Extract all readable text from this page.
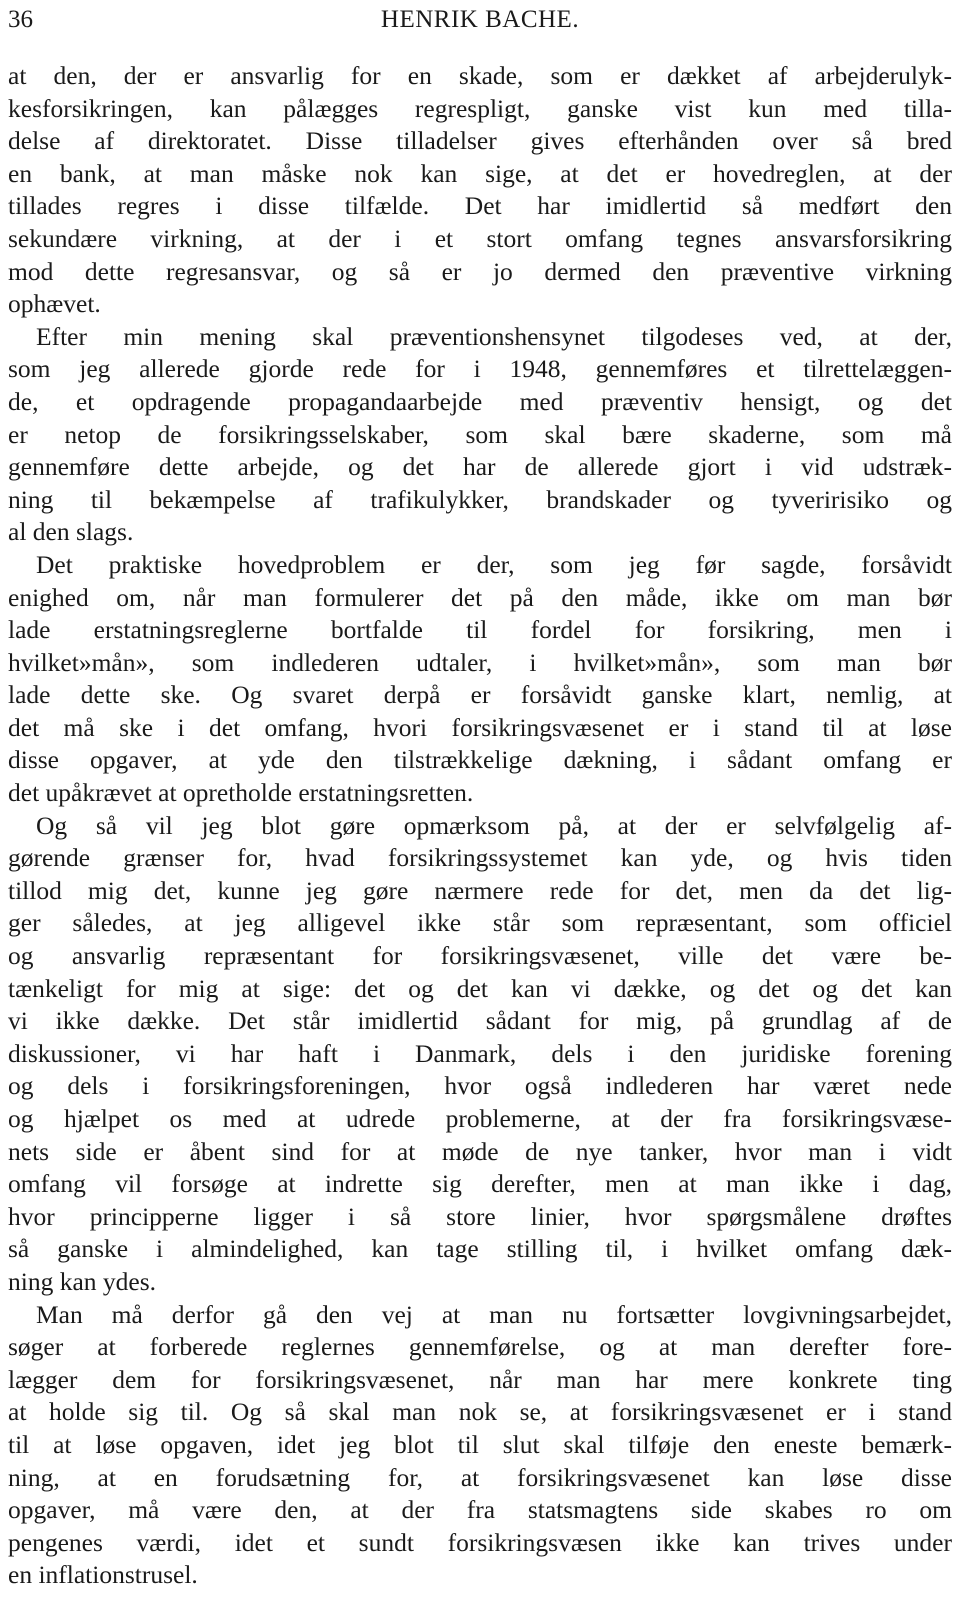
36	HENRIK BACHE.

at den, der er ansvarlig for en skade, som er dækket af arbejderulyk-
kesforsikringen, kan pålægges regrespligt, ganske vist kun med tilla-
delse af direktoratet. Disse tilladelser gives efterhånden over så bred
en bank, at man måske nok kan sige, at det er hovedreglen, at der
tillades regres i disse tilfælde. Det har imidlertid så medført den
sekundære virkning, at der i et stort omfang tegnes ansvarsforsikring
mod dette regresansvar, og så er jo dermed den præventive virkning
ophævet.

Efter min mening skal præventionshensynet tilgodeses ved, at der,
som jeg allerede gjorde rede for i 1948, gennemføres et tilrettelæggen-
de, et opdragende propagandaarbejde med præventiv hensigt, og det
er netop de forsikringsselskaber, som skal bære skaderne, som må
gennemføre dette arbejde, og det har de allerede gjort i vid udstræk-
ning til bekæmpelse af trafikulykker, brandskader og tyveririsiko og
al den slags.

Det praktiske hovedproblem er der, som jeg før sagde, forsåvidt
enighed om, når man formulerer det på den måde, ikke om man bør
lade erstatningsreglerne bortfalde til fordel for forsikring, men i
hvilket»mån», som indlederen udtaler, i hvilket»mån», som man bør
lade dette ske. Og svaret derpå er forsåvidt ganske klart, nemlig, at
det må ske i det omfang, hvori forsikringsvæsenet er i stand til at løse
disse opgaver, at yde den tilstrækkelige dækning, i sådant omfang er
det upåkrævet at opretholde erstatningsretten.

Og så vil jeg blot gøre opmærksom på, at der er selvfølgelig af-
gørende grænser for, hvad forsikringssystemet kan yde, og hvis tiden
tillod mig det, kunne jeg gøre nærmere rede for det, men da det lig-
ger således, at jeg alligevel ikke står som repræsentant, som officiel
og ansvarlig repræsentant for forsikringsvæsenet, ville det være be-
tænkeligt for mig at sige: det og det kan vi dække, og det og det kan
vi ikke dække. Det står imidlertid sådant for mig, på grundlag af de
diskussioner, vi har haft i Danmark, dels i den juridiske forening
og dels i forsikringsforeningen, hvor også indlederen har været nede
og hjælpet os med at udrede problemerne, at der fra forsikringsvæse-
nets side er åbent sind for at møde de nye tanker, hvor man i vidt
omfang vil forsøge at indrette sig derefter, men at man ikke i dag,
hvor principperne ligger i så store linier, hvor spørgsmålene drøftes
så ganske i almindelighed, kan tage stilling til, i hvilket omfang dæk-
ning kan ydes.

Man må derfor gå den vej at man nu fortsætter lovgivningsarbejdet,
søger at forberede reglernes gennemførelse, og at man derefter fore-
lægger dem for forsikringsvæsenet, når man har mere konkrete ting
at holde sig til. Og så skal man nok se, at forsikringsvæsenet er i stand
til at løse opgaven, idet jeg blot til slut skal tilføje den eneste bemærk-
ning, at en forudsætning for, at forsikringsvæsenet kan løse disse
opgaver, må være den, at der fra statsmagtens side skabes ro om
pengenes værdi, idet et sundt forsikringsvæsen ikke kan trives under
en inflationstrusel.
